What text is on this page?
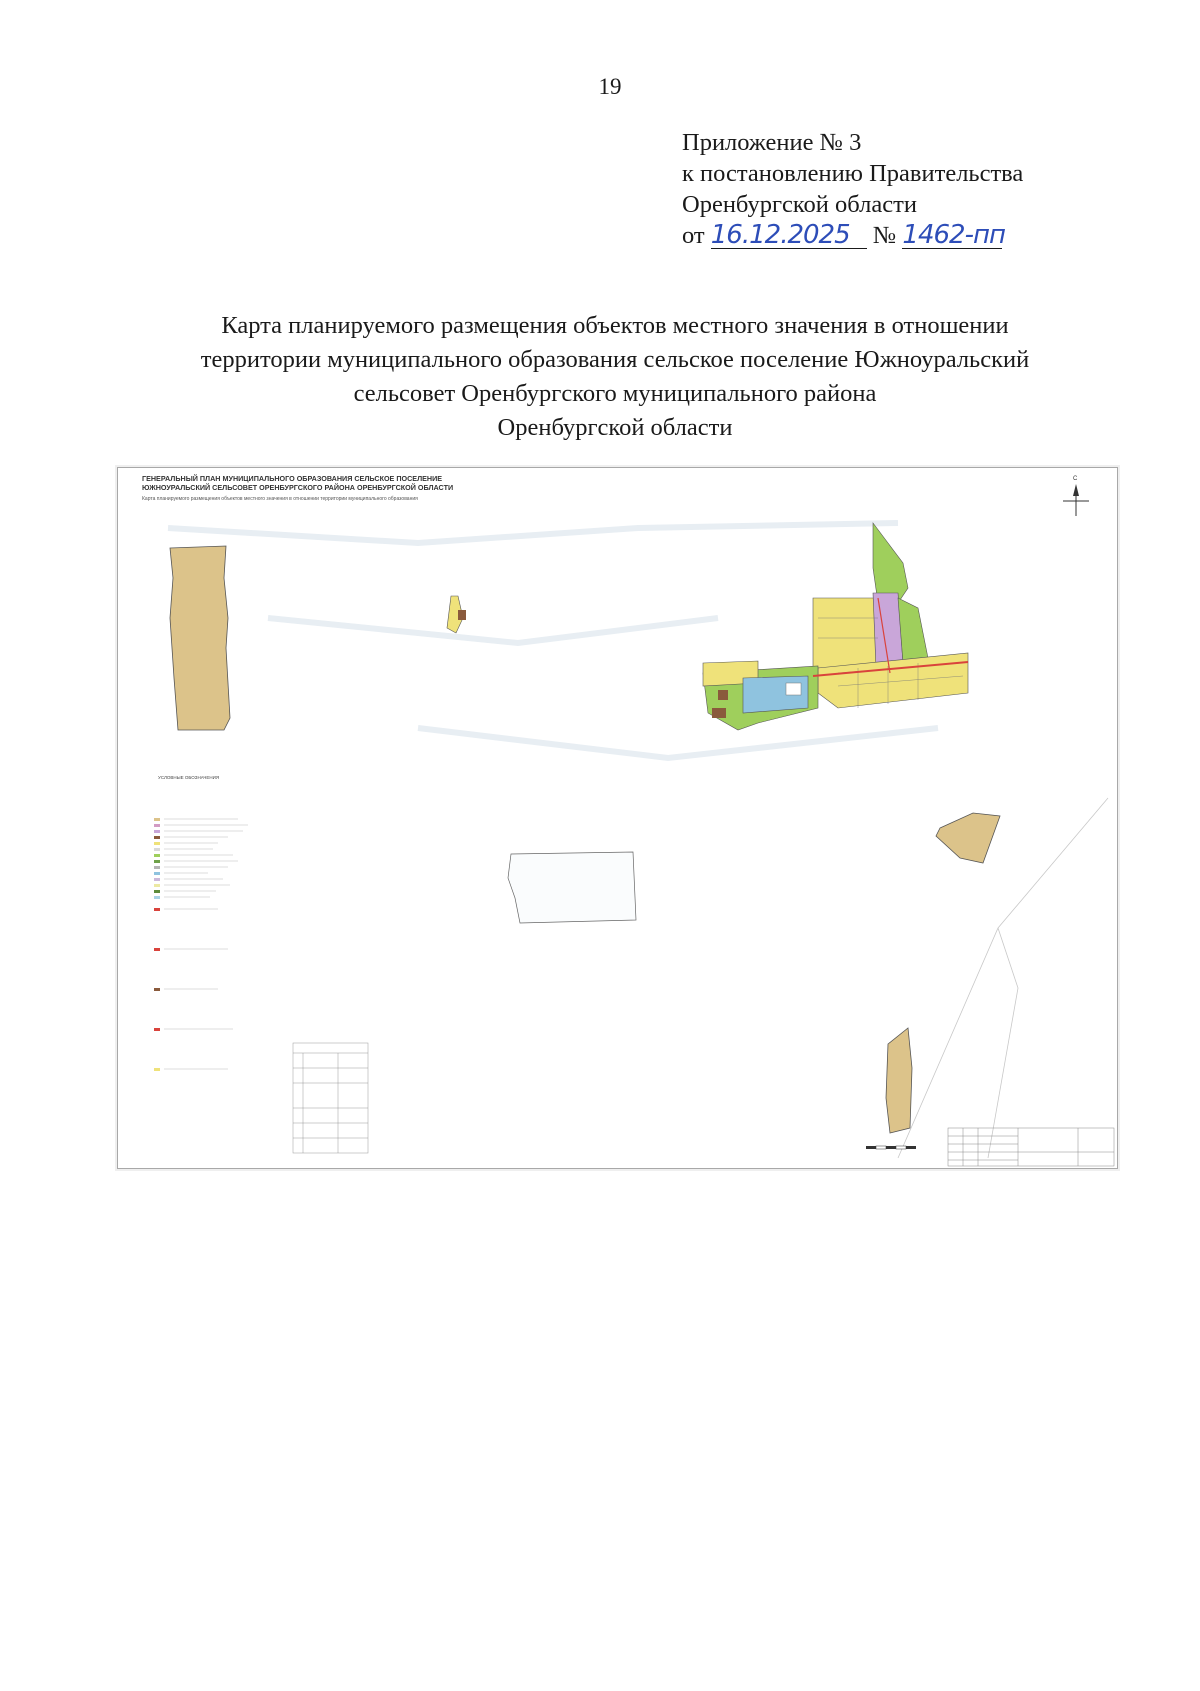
19
Приложение № 3
к постановлению Правительства
Оренбургской области
от 16.12.2025 № 1462-пп
Карта планируемого размещения объектов местного значения в отношении
территории муниципального образования сельское поселение Южноуральский
сельсовет Оренбургского муниципального района
Оренбургской области
ГЕНЕРАЛЬНЫЙ ПЛАН МУНИЦИПАЛЬНОГО ОБРАЗОВАНИЯ СЕЛЬСКОЕ ПОСЕЛЕНИЕ
ЮЖНОУРАЛЬСКИЙ СЕЛЬСОВЕТ ОРЕНБУРГСКОГО РАЙОНА ОРЕНБУРГСКОЙ ОБЛАСТИ
Карта планируемого размещения объектов местного значения в отношении территории муниципального образования
С
УСЛОВНЫЕ ОБОЗНАЧЕНИЯ
